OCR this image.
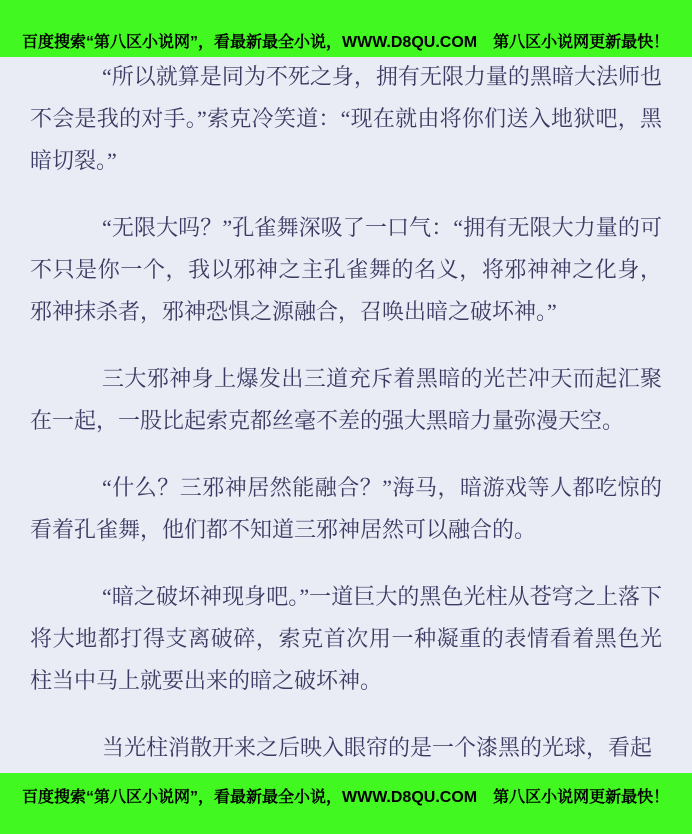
百度搜索“第八区小说网”，看最新最全小说，WWW.D8QU.COM　第八区小说网更新最快！

“所以就算是同为不死之身，拥有无限力量的黑暗大法师也不会是我的对手。”索克冷笑道：“现在就由将你们送入地狱吧，黑暗切裂。”

“无限大吗？”孔雀舞深吸了一口气：“拥有无限大力量的可不只是你一个，我以邪神之主孔雀舞的名义，将邪神神之化身，邪神抹杀者，邪神恐惧之源融合，召唤出暗之破坏神。”

三大邪神身上爆发出三道充斥着黑暗的光芒冲天而起汇聚在一起，一股比起索克都丝毫不差的强大黑暗力量弥漫天空。

“什么？三邪神居然能融合？”海马，暗游戏等人都吃惊的看着孔雀舞，他们都不知道三邪神居然可以融合的。

“暗之破坏神现身吧。”一道巨大的黑色光柱从苍穹之上落下将大地都打得支离破碎，索克首次用一种凝重的表情看着黑色光柱当中马上就要出来的暗之破坏神。

当光柱消散开来之后映入眼帘的是一个漆黑的光球，看起

百度搜索“第八区小说网”，看最新最全小说，WWW.D8QU.COM　第八区小说网更新最快！
